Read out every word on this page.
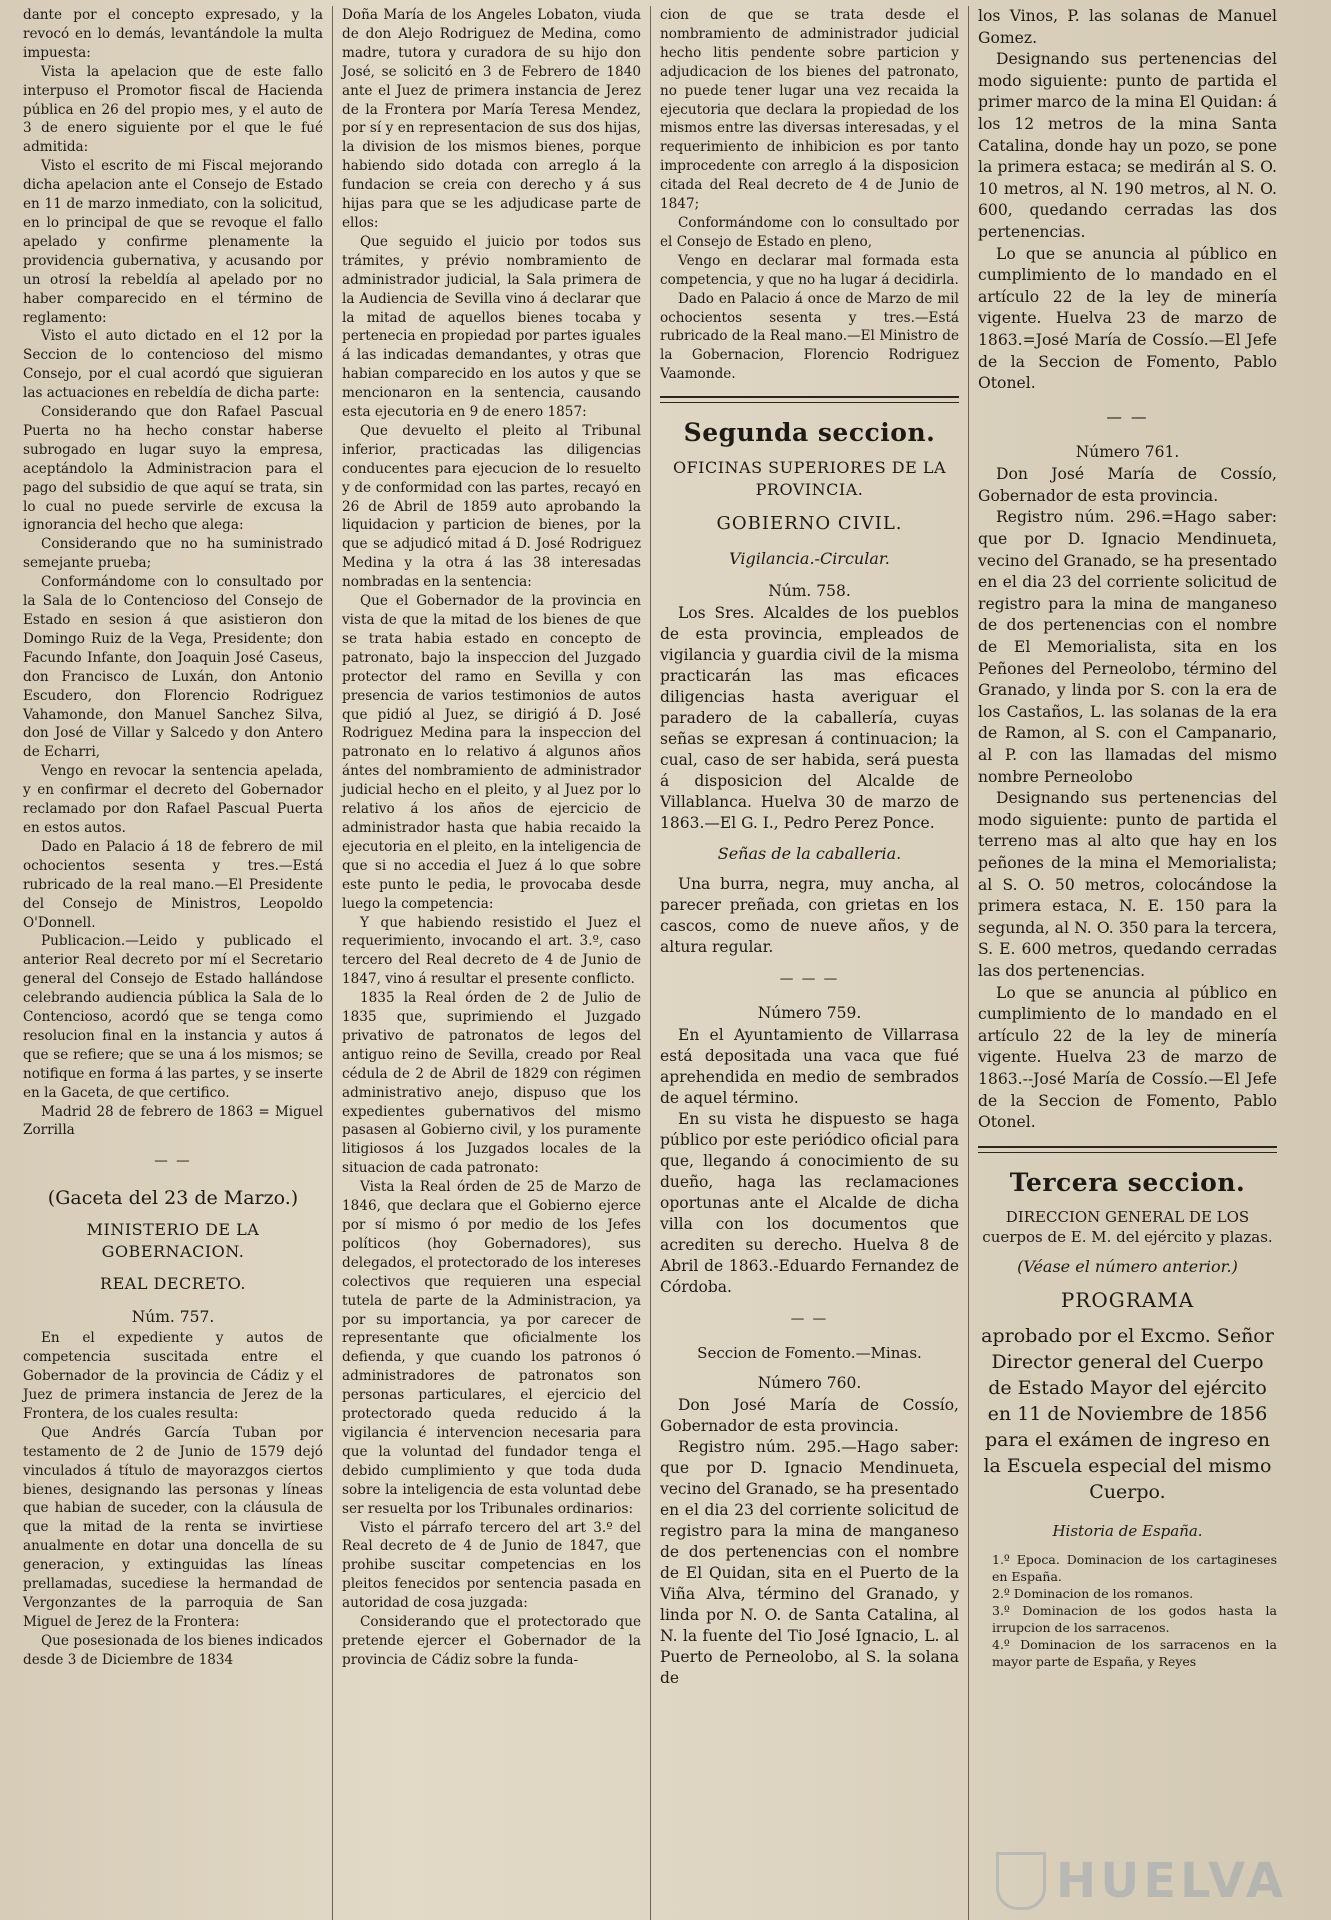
dante por el concepto expresado, y la revocó en lo demás, levantándole la multa impuesta:

Vista la apelacion que de este fallo interpuso el Promotor fiscal de Hacienda pública en 26 del propio mes, y el auto de 3 de enero siguiente por el que le fué admitida:

Visto el escrito de mi Fiscal mejorando dicha apelacion ante el Consejo de Estado en 11 de marzo inmediato, con la solicitud, en lo principal de que se revoque el fallo apelado y confirme plenamente la providencia gubernativa, y acusando por un otrosí la rebeldía al apelado por no haber comparecido en el término de reglamento:

Visto el auto dictado en el 12 por la Seccion de lo contencioso del mismo Consejo, por el cual acordó que siguieran las actuaciones en rebeldía de dicha parte:

Considerando que don Rafael Pascual Puerta no ha hecho constar haberse subrogado en lugar suyo la empresa, aceptándolo la Administracion para el pago del subsidio de que aquí se trata, sin lo cual no puede servirle de excusa la ignorancia del hecho que alega:

Considerando que no ha suministrado semejante prueba;

Conformándome con lo consultado por la Sala de lo Contencioso del Consejo de Estado en sesion á que asistieron don Domingo Ruiz de la Vega, Presidente; don Facundo Infante, don Joaquin José Caseus, don Francisco de Luxán, don Antonio Escudero, don Florencio Rodriguez Vahamonde, don Manuel Sanchez Silva, don José de Villar y Salcedo y don Antero de Echarri,

Vengo en revocar la sentencia apelada, y en confirmar el decreto del Gobernador reclamado por don Rafael Pascual Puerta en estos autos.

Dado en Palacio á 18 de febrero de mil ochocientos sesenta y tres.—Está rubricado de la real mano.—El Presidente del Consejo de Ministros, Leopoldo O'Donnell.

Publicacion.—Leido y publicado el anterior Real decreto por mí el Secretario general del Consejo de Estado hallándose celebrando audiencia pública la Sala de lo Contencioso, acordó que se tenga como resolucion final en la instancia y autos á que se refiere; que se una á los mismos; se notifique en forma á las partes, y se inserte en la Gaceta, de que certifico.

Madrid 28 de febrero de 1863 = Miguel Zorrilla

— —

(Gaceta del 23 de Marzo.)

MINISTERIO DE LA GOBERNACION.

REAL DECRETO.

Núm. 757.

En el expediente y autos de competencia suscitada entre el Gobernador de la provincia de Cádiz y el Juez de primera instancia de Jerez de la Frontera, de los cuales resulta:

Que Andrés García Tuban por testamento de 2 de Junio de 1579 dejó vinculados á título de mayorazgos ciertos bienes, designando las personas y líneas que habian de suceder, con la cláusula de que la mitad de la renta se invirtiese anualmente en dotar una doncella de su generacion, y extinguidas las líneas prellamadas, sucediese la hermandad de Vergonzantes de la parroquia de San Miguel de Jerez de la Frontera:

Que posesionada de los bienes indicados desde 3 de Diciembre de 1834

Doña María de los Angeles Lobaton, viuda de don Alejo Rodriguez de Medina, como madre, tutora y curadora de su hijo don José, se solicitó en 3 de Febrero de 1840 ante el Juez de primera instancia de Jerez de la Frontera por María Teresa Mendez, por sí y en representacion de sus dos hijas, la division de los mismos bienes, porque habiendo sido dotada con arreglo á la fundacion se creia con derecho y á sus hijas para que se les adjudicase parte de ellos:

Que seguido el juicio por todos sus trámites, y prévio nombramiento de administrador judicial, la Sala primera de la Audiencia de Sevilla vino á declarar que la mitad de aquellos bienes tocaba y pertenecia en propiedad por partes iguales á las indicadas demandantes, y otras que habian comparecido en los autos y que se mencionaron en la sentencia, causando esta ejecutoria en 9 de enero 1857:

Que devuelto el pleito al Tribunal inferior, practicadas las diligencias conducentes para ejecucion de lo resuelto y de conformidad con las partes, recayó en 26 de Abril de 1859 auto aprobando la liquidacion y particion de bienes, por la que se adjudicó mitad á D. José Rodriguez Medina y la otra á las 38 interesadas nombradas en la sentencia:

Que el Gobernador de la provincia en vista de que la mitad de los bienes de que se trata habia estado en concepto de patronato, bajo la inspeccion del Juzgado protector del ramo en Sevilla y con presencia de varios testimonios de autos que pidió al Juez, se dirigió á D. José Rodriguez Medina para la inspeccion del patronato en lo relativo á algunos años ántes del nombramiento de administrador judicial hecho en el pleito, y al Juez por lo relativo á los años de ejercicio de administrador hasta que habia recaido la ejecutoria en el pleito, en la inteligencia de que si no accedia el Juez á lo que sobre este punto le pedia, le provocaba desde luego la competencia:

Y que habiendo resistido el Juez el requerimiento, invocando el art. 3.º, caso tercero del Real decreto de 4 de Junio de 1847, vino á resultar el presente conflicto.

1835 la Real órden de 2 de Julio de 1835 que, suprimiendo el Juzgado privativo de patronatos de legos del antiguo reino de Sevilla, creado por Real cédula de 2 de Abril de 1829 con régimen administrativo anejo, dispuso que los expedientes gubernativos del mismo pasasen al Gobierno civil, y los puramente litigiosos á los Juzgados locales de la situacion de cada patronato:

Vista la Real órden de 25 de Marzo de 1846, que declara que el Gobierno ejerce por sí mismo ó por medio de los Jefes políticos (hoy Gobernadores), sus delegados, el protectorado de los intereses colectivos que requieren una especial tutela de parte de la Administracion, ya por su importancia, ya por carecer de representante que oficialmente los defienda, y que cuando los patronos ó administradores de patronatos son personas particulares, el ejercicio del protectorado queda reducido á la vigilancia é intervencion necesaria para que la voluntad del fundador tenga el debido cumplimiento y que toda duda sobre la inteligencia de esta voluntad debe ser resuelta por los Tribunales ordinarios:

Visto el párrafo tercero del art 3.º del Real decreto de 4 de Junio de 1847, que prohibe suscitar competencias en los pleitos fenecidos por sentencia pasada en autoridad de cosa juzgada:

Considerando que el protectorado que pretende ejercer el Gobernador de la provincia de Cádiz sobre la funda-

cion de que se trata desde el nombramiento de administrador judicial hecho litis pendente sobre particion y adjudicacion de los bienes del patronato, no puede tener lugar una vez recaida la ejecutoria que declara la propiedad de los mismos entre las diversas interesadas, y el requerimiento de inhibicion es por tanto improcedente con arreglo á la disposicion citada del Real decreto de 4 de Junio de 1847;

Conformándome con lo consultado por el Consejo de Estado en pleno,

Vengo en declarar mal formada esta competencia, y que no ha lugar á decidirla.

Dado en Palacio á once de Marzo de mil ochocientos sesenta y tres.—Está rubricado de la Real mano.—El Ministro de la Gobernacion, Florencio Rodriguez Vaamonde.

Segunda seccion.

OFICINAS SUPERIORES DE LA PROVINCIA.

GOBIERNO CIVIL.

Vigilancia.-Circular.

Núm. 758.

Los Sres. Alcaldes de los pueblos de esta provincia, empleados de vigilancia y guardia civil de la misma practicarán las mas eficaces diligencias hasta averiguar el paradero de la caballería, cuyas señas se expresan á continuacion; la cual, caso de ser habida, será puesta á disposicion del Alcalde de Villablanca. Huelva 30 de marzo de 1863.—El G. I., Pedro Perez Ponce.

Señas de la caballeria.

Una burra, negra, muy ancha, al parecer preñada, con grietas en los cascos, como de nueve años, y de altura regular.

— — —

Número 759.

En el Ayuntamiento de Villarrasa está depositada una vaca que fué aprehendida en medio de sembrados de aquel término.

En su vista he dispuesto se haga público por este periódico oficial para que, llegando á conocimiento de su dueño, haga las reclamaciones oportunas ante el Alcalde de dicha villa con los documentos que acrediten su derecho. Huelva 8 de Abril de 1863.-Eduardo Fernandez de Córdoba.

— —

Seccion de Fomento.—Minas.

Número 760.

Don José María de Cossío, Gobernador de esta provincia.

Registro núm. 295.—Hago saber: que por D. Ignacio Mendinueta, vecino del Granado, se ha presentado en el dia 23 del corriente solicitud de registro para la mina de manganeso de dos pertenencias con el nombre de El Quidan, sita en el Puerto de la Viña Alva, término del Granado, y linda por N. O. de Santa Catalina, al N. la fuente del Tio José Ignacio, L. al Puerto de Perneolobo, al S. la solana de

los Vinos, P. las solanas de Manuel Gomez.

Designando sus pertenencias del modo siguiente: punto de partida el primer marco de la mina El Quidan: á los 12 metros de la mina Santa Catalina, donde hay un pozo, se pone la primera estaca; se medirán al S. O. 10 metros, al N. 190 metros, al N. O. 600, quedando cerradas las dos pertenencias.

Lo que se anuncia al público en cumplimiento de lo mandado en el artículo 22 de la ley de minería vigente. Huelva 23 de marzo de 1863.=José María de Cossío.—El Jefe de la Seccion de Fomento, Pablo Otonel.

— —

Número 761.

Don José María de Cossío, Gobernador de esta provincia.

Registro núm. 296.=Hago saber: que por D. Ignacio Mendinueta, vecino del Granado, se ha presentado en el dia 23 del corriente solicitud de registro para la mina de manganeso de dos pertenencias con el nombre de El Memorialista, sita en los Peñones del Perneolobo, término del Granado, y linda por S. con la era de los Castaños, L. las solanas de la era de Ramon, al S. con el Campanario, al P. con las llamadas del mismo nombre Perneolobo

Designando sus pertenencias del modo siguiente: punto de partida el terreno mas al alto que hay en los peñones de la mina el Memorialista; al S. O. 50 metros, colocándose la primera estaca, N. E. 150 para la segunda, al N. O. 350 para la tercera, S. E. 600 metros, quedando cerradas las dos pertenencias.

Lo que se anuncia al público en cumplimiento de lo mandado en el artículo 22 de la ley de minería vigente. Huelva 23 de marzo de 1863.--José María de Cossío.—El Jefe de la Seccion de Fomento, Pablo Otonel.

Tercera seccion.

DIRECCION GENERAL DE LOS cuerpos de E. M. del ejército y plazas.

(Véase el número anterior.)

PROGRAMA

aprobado por el Excmo. Señor Director general del Cuerpo de Estado Mayor del ejército en 11 de Noviembre de 1856 para el exámen de ingreso en la Escuela especial del mismo Cuerpo.

Historia de España.

1.º Epoca. Dominacion de los cartagineses en España.

2.º Dominacion de los romanos.

3.º Dominacion de los godos hasta la irrupcion de los sarracenos.

4.º Dominacion de los sarracenos en la mayor parte de España, y Reyes

HUELVA
